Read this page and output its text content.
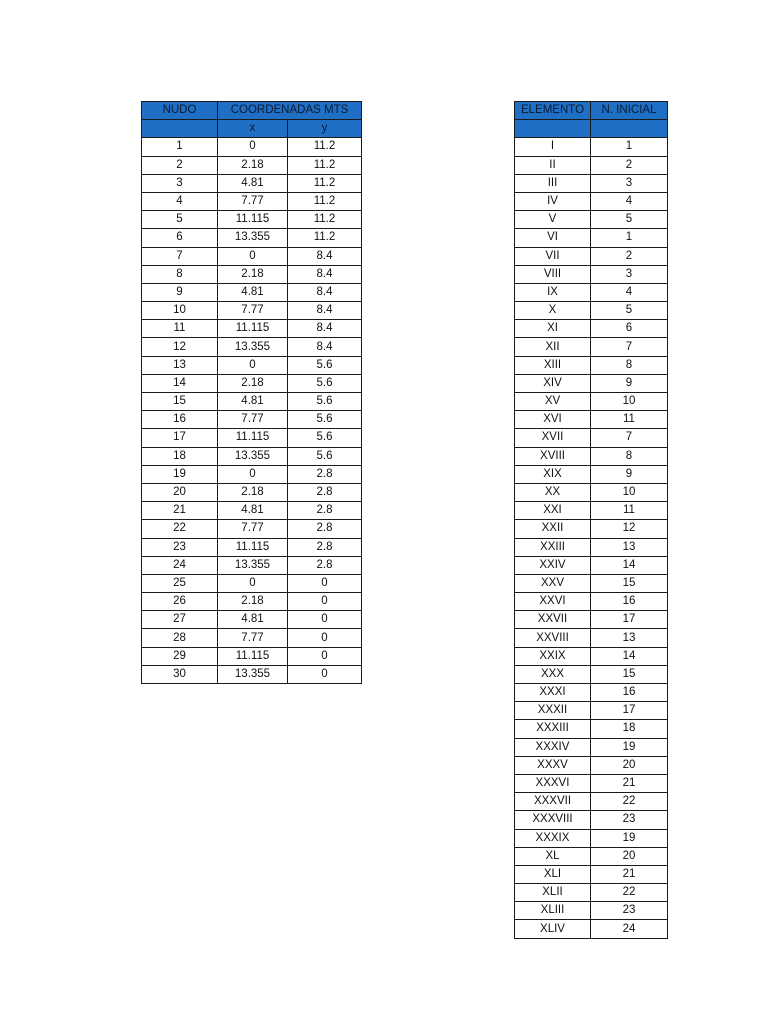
NUDO	COORDENADAS MTS	
	x	y
1	0	11.2
2	2.18	11.2
3	4.81	11.2
4	7.77	11.2
5	11.115	11.2
6	13.355	11.2
7	0	8.4
8	2.18	8.4
9	4.81	8.4
10	7.77	8.4
11	11.115	8.4
12	13.355	8.4
13	0	5.6
14	2.18	5.6
15	4.81	5.6
16	7.77	5.6
17	11.115	5.6
18	13.355	5.6
19	0	2.8
20	2.18	2.8
21	4.81	2.8
22	7.77	2.8
23	11.115	2.8
24	13.355	2.8
25	0	0
26	2.18	0
27	4.81	0
28	7.77	0
29	11.115	0
30	13.355	0
ELEMENTO	N. INICIAL

I	1
II	2
III	3
IV	4
V	5
VI	1
VII	2
VIII	3
IX	4
X	5
XI	6
XII	7
XIII	8
XIV	9
XV	10
XVI	11
XVII	7
XVIII	8
XIX	9
XX	10
XXI	11
XXII	12
XXIII	13
XXIV	14
XXV	15
XXVI	16
XXVII	17
XXVIII	13
XXIX	14
XXX	15
XXXI	16
XXXII	17
XXXIII	18
XXXIV	19
XXXV	20
XXXVI	21
XXXVII	22
XXXVIII	23
XXXIX	19
XL	20
XLI	21
XLII	22
XLIII	23
XLIV	24
